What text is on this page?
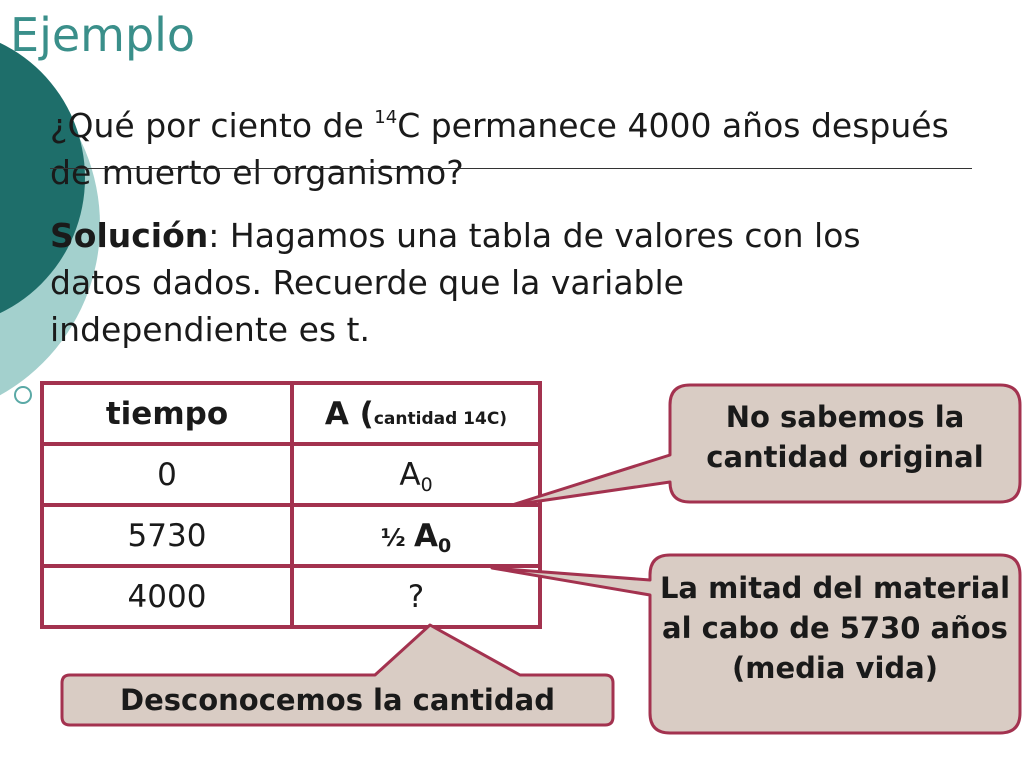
Ejemplo
¿Qué por ciento de $^{14}$C permanece 4000 años después de muerto el organismo?
Solución: Hagamos una tabla de valores con los datos dados. Recuerde que la variable independiente es t.
tiempo	A (cantidad 14C)
0	$A_0$
5730	½ $A_0$
4000	?
No sabemos la cantidad original
La mitad del material al cabo de 5730 años (media vida)
Desconocemos la cantidad
